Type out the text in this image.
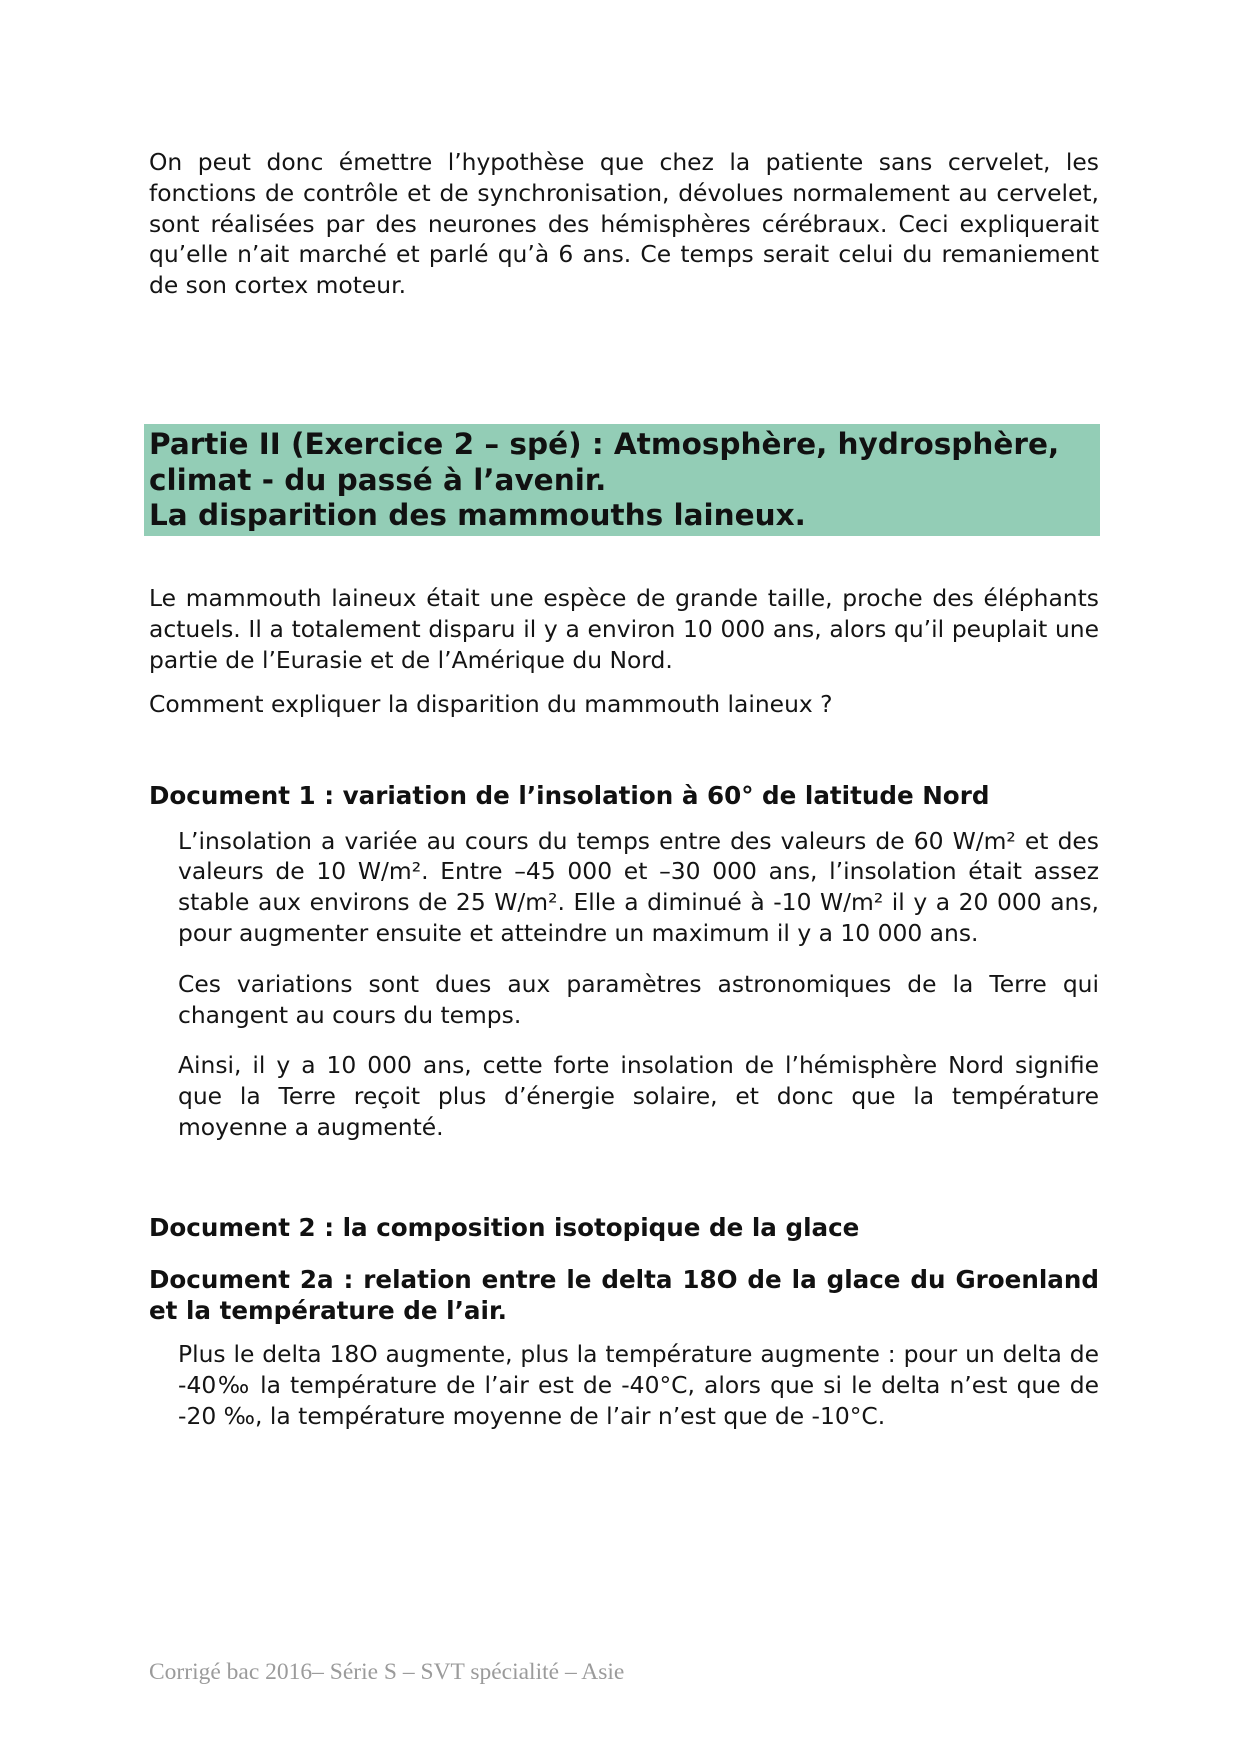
On peut donc émettre l’hypothèse que chez la patiente sans cervelet, les fonctions de contrôle et de synchronisation, dévolues normalement au cervelet, sont réalisées par des neurones des hémisphères cérébraux. Ceci expliquerait qu’elle n’ait marché et parlé qu’à 6 ans. Ce temps serait celui du remaniement de son cortex moteur.

Partie II (Exercice 2 – spé) : Atmosphère, hydrosphère,
climat - du passé à l’avenir.
La disparition des mammouths laineux.

Le mammouth laineux était une espèce de grande taille, proche des éléphants actuels. Il a totalement disparu il y a environ 10 000 ans, alors qu’il peuplait une partie de l’Eurasie et de l’Amérique du Nord.

Comment expliquer la disparition du mammouth laineux ?

Document 1 : variation de l’insolation à 60° de latitude Nord

L’insolation a variée au cours du temps entre des valeurs de 60 W/m² et des valeurs de 10 W/m². Entre –45 000 et –30 000 ans, l’insolation était assez stable aux environs de 25 W/m². Elle a diminué à -10 W/m² il y a 20 000 ans, pour augmenter ensuite et atteindre un maximum il y a 10 000 ans.

Ces variations sont dues aux paramètres astronomiques de la Terre qui changent au cours du temps.

Ainsi, il y a 10 000 ans, cette forte insolation de l’hémisphère Nord signifie que la Terre reçoit plus d’énergie solaire, et donc que la température moyenne a augmenté.

Document 2 : la composition isotopique de la glace
Document 2a : relation entre le delta 18O de la glace du Groenland et la température de l’air.

Plus le delta 18O augmente, plus la température augmente : pour un delta de -40‰ la température de l’air est de -40°C, alors que si le delta n’est que de -20 ‰, la température moyenne de l’air n’est que de -10°C.

Corrigé bac 2016– Série S – SVT spécialité – Asie
